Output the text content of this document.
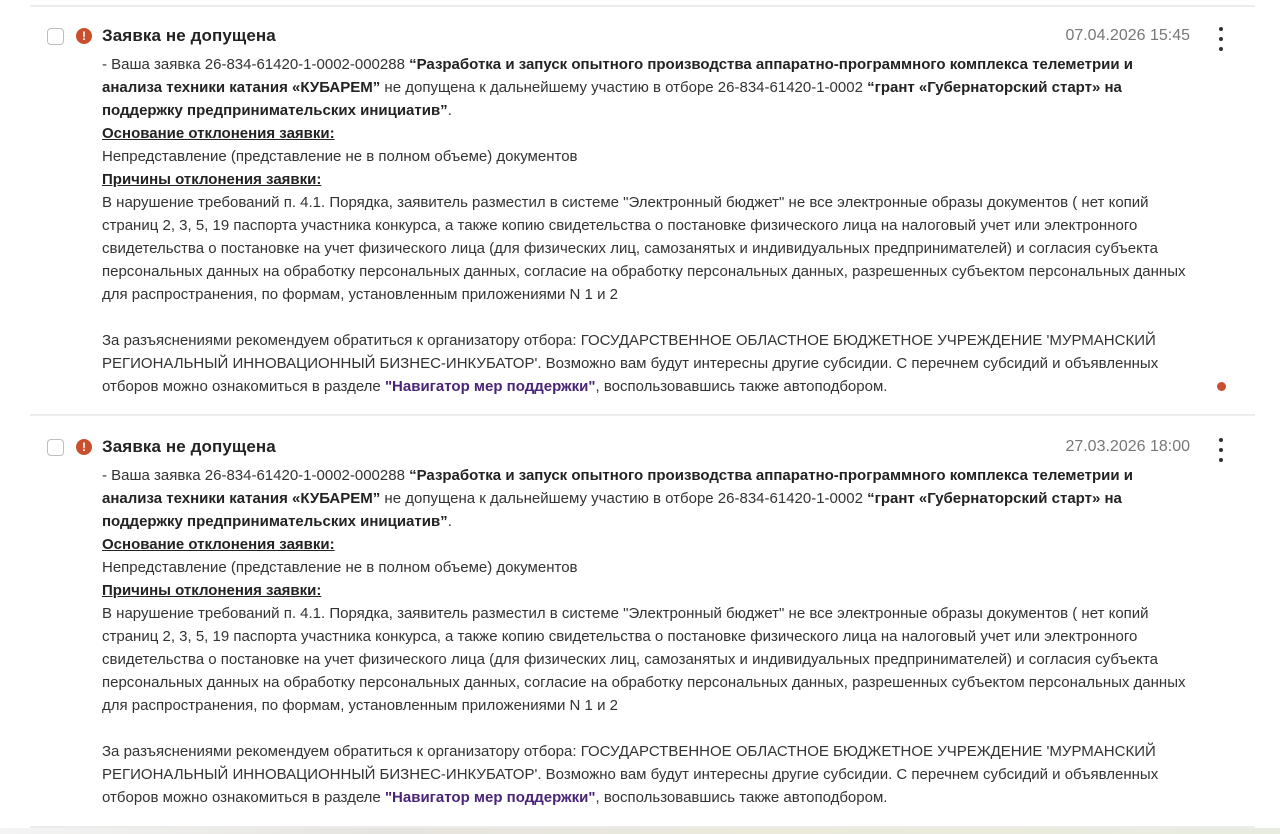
! Заявка не допущена	07.04.2026 15:45

- Ваша заявка 26-834-61420-1-0002-000288 “Разработка и запуск опытного производства аппаратно-программного комплекса телеметрии и анализа техники катания «КУБАРЕМ” не допущена к дальнейшему участию в отборе 26-834-61420-1-0002 “грант «Губернаторский старт» на поддержку предпринимательских инициатив”.

Основание отклонения заявки:

Непредставление (представление не в полном объеме) документов

Причины отклонения заявки:

В нарушение требований п. 4.1. Порядка, заявитель разместил в системе "Электронный бюджет" не все электронные образы документов ( нет копий страниц 2, 3, 5, 19 паспорта участника конкурса, а также копию свидетельства о постановке физического лица на налоговый учет или электронного свидетельства о постановке на учет физического лица (для физических лиц, самозанятых и индивидуальных предпринимателей) и согласия субъекта персональных данных на обработку персональных данных, согласие на обработку персональных данных, разрешенных субъектом персональных данных для распространения, по формам, установленным приложениями N 1 и 2

За разъяснениями рекомендуем обратиться к организатору отбора: ГОСУДАРСТВЕННОЕ ОБЛАСТНОЕ БЮДЖЕТНОЕ УЧРЕЖДЕНИЕ 'МУРМАНСКИЙ РЕГИОНАЛЬНЫЙ ИННОВАЦИОННЫЙ БИЗНЕС-ИНКУБАТОР'. Возможно вам будут интересны другие субсидии. С перечнем субсидий и объявленных отборов можно ознакомиться в разделе "Навигатор мер поддержки", воспользовавшись также автоподбором.

! Заявка не допущена	27.03.2026 18:00

- Ваша заявка 26-834-61420-1-0002-000288 “Разработка и запуск опытного производства аппаратно-программного комплекса телеметрии и анализа техники катания «КУБАРЕМ” не допущена к дальнейшему участию в отборе 26-834-61420-1-0002 “грант «Губернаторский старт» на поддержку предпринимательских инициатив”.

Основание отклонения заявки:

Непредставление (представление не в полном объеме) документов

Причины отклонения заявки:

В нарушение требований п. 4.1. Порядка, заявитель разместил в системе "Электронный бюджет" не все электронные образы документов ( нет копий страниц 2, 3, 5, 19 паспорта участника конкурса, а также копию свидетельства о постановке физического лица на налоговый учет или электронного свидетельства о постановке на учет физического лица (для физических лиц, самозанятых и индивидуальных предпринимателей) и согласия субъекта персональных данных на обработку персональных данных, согласие на обработку персональных данных, разрешенных субъектом персональных данных для распространения, по формам, установленным приложениями N 1 и 2

За разъяснениями рекомендуем обратиться к организатору отбора: ГОСУДАРСТВЕННОЕ ОБЛАСТНОЕ БЮДЖЕТНОЕ УЧРЕЖДЕНИЕ 'МУРМАНСКИЙ РЕГИОНАЛЬНЫЙ ИННОВАЦИОННЫЙ БИЗНЕС-ИНКУБАТОР'. Возможно вам будут интересны другие субсидии. С перечнем субсидий и объявленных отборов можно ознакомиться в разделе "Навигатор мер поддержки", воспользовавшись также автоподбором.
